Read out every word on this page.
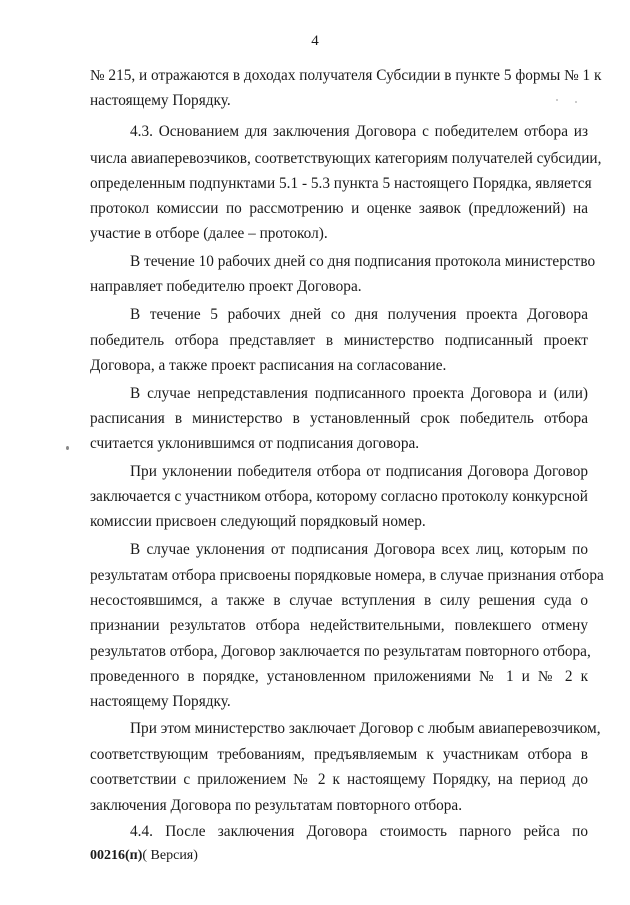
4
№ 215, и отражаются в доходах получателя Субсидии в пункте 5 формы № 1 к
настоящему Порядку.
4.3. Основанием для заключения Договора с победителем отбора из
числа авиаперевозчиков, соответствующих категориям получателей субсидии,
определенным подпунктами 5.1 - 5.3 пункта 5 настоящего Порядка, является
протокол комиссии по рассмотрению и оценке заявок (предложений) на
участие в отборе (далее – протокол).
В течение 10 рабочих дней со дня подписания протокола министерство
направляет победителю проект Договора.
В течение 5 рабочих дней со дня получения проекта Договора
победитель отбора представляет в министерство подписанный проект
Договора, а также проект расписания на согласование.
В случае непредставления подписанного проекта Договора и (или)
расписания в министерство в установленный срок победитель отбора
считается уклонившимся от подписания договора.
При уклонении победителя отбора от подписания Договора Договор
заключается с участником отбора, которому согласно протоколу конкурсной
комиссии присвоен следующий порядковый номер.
В случае уклонения от подписания Договора всех лиц, которым по
результатам отбора присвоены порядковые номера, в случае признания отбора
несостоявшимся, а также в случае вступления в силу решения суда о
признании результатов отбора недействительными, повлекшего отмену
результатов отбора, Договор заключается по результатам повторного отбора,
проведенного в порядке, установленном приложениями № 1 и № 2 к
настоящему Порядку.
При этом министерство заключает Договор с любым авиаперевозчиком,
соответствующим требованиям, предъявляемым к участникам отбора в
соответствии с приложением № 2 к настоящему Порядку, на период до
заключения Договора по результатам повторного отбора.
4.4. После заключения Договора стоимость парного рейса по
00216(п)( Версия)
